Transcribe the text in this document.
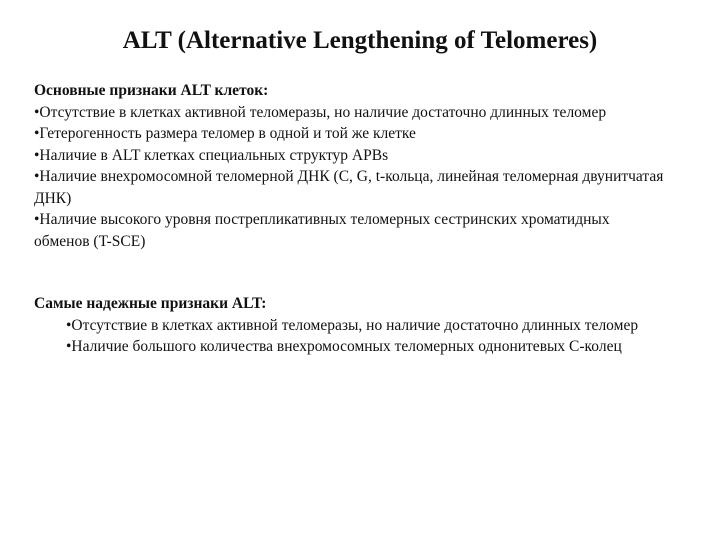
ALT (Alternative Lengthening of Telomeres)
Основные признаки ALT клеток:
•Отсутствие в клетках активной теломеразы, но наличие достаточно длинных теломер
•Гетерогенность размера теломер в одной и той же клетке
•Наличие в ALT клетках специальных структур APBs
•Наличие внехромосомной теломерной ДНК (C, G, t-кольца, линейная теломерная двунитчатая ДНК)
•Наличие высокого уровня пострепликативных теломерных сестринских хроматидных обменов (T-SCE)
Самые надежные признаки ALT:
•Отсутствие в клетках активной теломеразы, но наличие достаточно длинных теломер
•Наличие большого количества внехромосомных теломерных однонитевых C-колец
